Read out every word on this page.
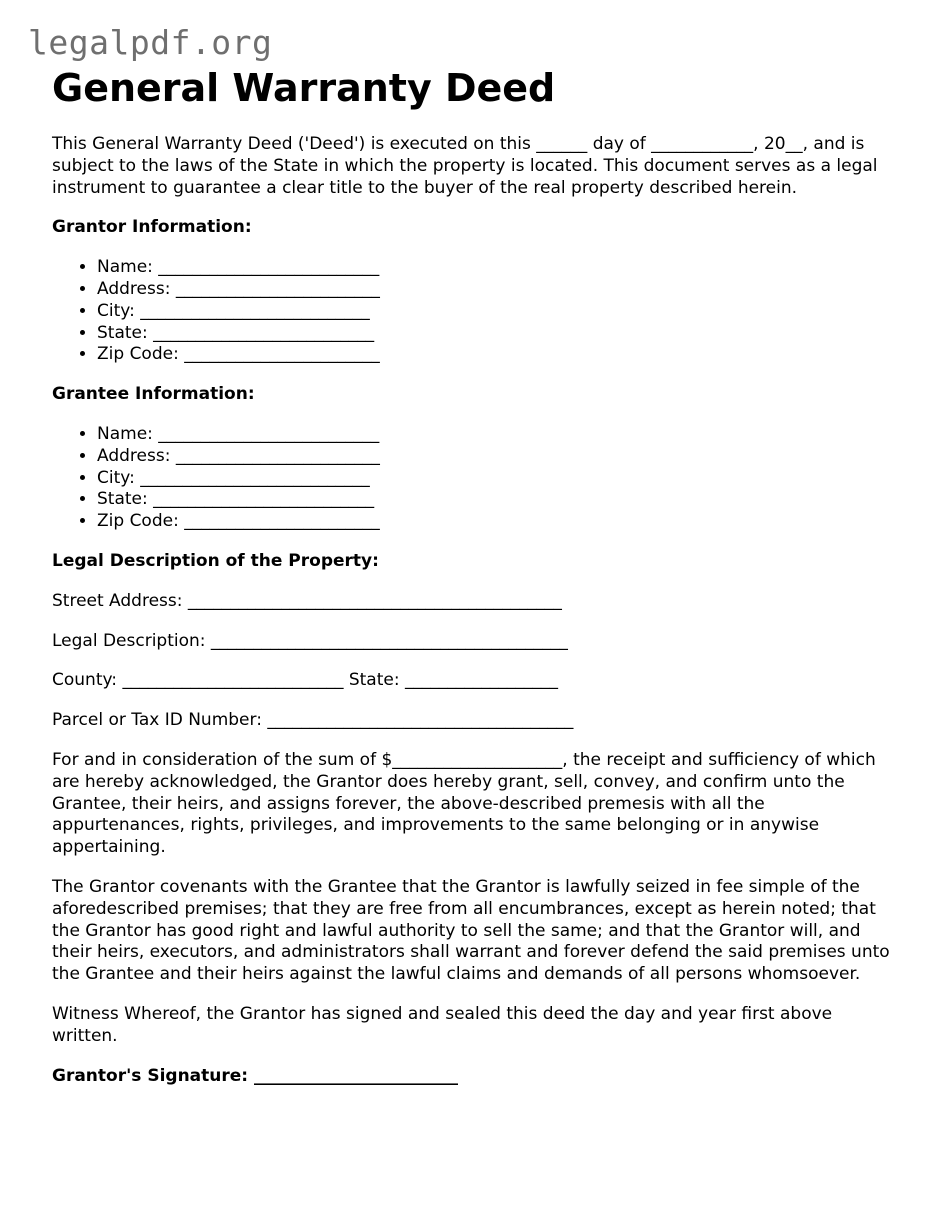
legalpdf.org
General Warranty Deed

This General Warranty Deed ('Deed') is executed on this ______ day of ____________, 20__, and is subject to the laws of the State in which the property is located. This document serves as a legal instrument to guarantee a clear title to the buyer of the real property described herein.

Grantor Information:
• Name: __________________________
• Address: ________________________
• City: ___________________________
• State: __________________________
• Zip Code: _______________________
Grantee Information:
• Name: __________________________
• Address: ________________________
• City: ___________________________
• State: __________________________
• Zip Code: _______________________
Legal Description of the Property:

Street Address: ____________________________________________

Legal Description: __________________________________________

County: __________________________ State: __________________

Parcel or Tax ID Number: ____________________________________

For and in consideration of the sum of $____________________, the receipt and sufficiency of which are hereby acknowledged, the Grantor does hereby grant, sell, convey, and confirm unto the Grantee, their heirs, and assigns forever, the above-described premesis with all the appurtenances, rights, privileges, and improvements to the same belonging or in anywise appertaining.

The Grantor covenants with the Grantee that the Grantor is lawfully seized in fee simple of the aforedescribed premises; that they are free from all encumbrances, except as herein noted; that the Grantor has good right and lawful authority to sell the same; and that the Grantor will, and their heirs, executors, and administrators shall warrant and forever defend the said premises unto the Grantee and their heirs against the lawful claims and demands of all persons whomsoever.

Witness Whereof, the Grantor has signed and sealed this deed the day and year first above written.

Grantor's Signature: ________________________
